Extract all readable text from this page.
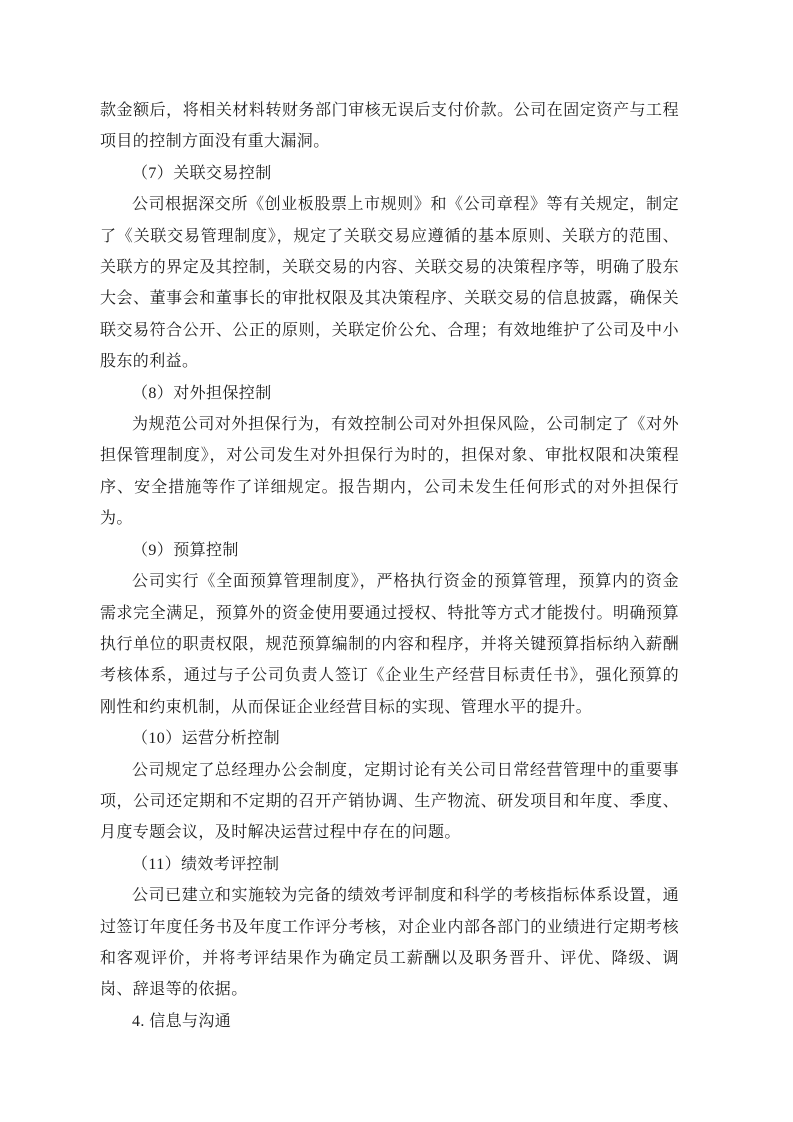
款金额后，将相关材料转财务部门审核无误后支付价款。公司在固定资产与工程项目的控制方面没有重大漏洞。

（7）关联交易控制

公司根据深交所《创业板股票上市规则》和《公司章程》等有关规定，制定了《关联交易管理制度》，规定了关联交易应遵循的基本原则、关联方的范围、关联方的界定及其控制，关联交易的内容、关联交易的决策程序等，明确了股东大会、董事会和董事长的审批权限及其决策程序、关联交易的信息披露，确保关联交易符合公开、公正的原则，关联定价公允、合理；有效地维护了公司及中小股东的利益。

（8）对外担保控制

为规范公司对外担保行为，有效控制公司对外担保风险，公司制定了《对外担保管理制度》，对公司发生对外担保行为时的，担保对象、审批权限和决策程序、安全措施等作了详细规定。报告期内，公司未发生任何形式的对外担保行为。

（9）预算控制

公司实行《全面预算管理制度》，严格执行资金的预算管理，预算内的资金需求完全满足，预算外的资金使用要通过授权、特批等方式才能拨付。明确预算执行单位的职责权限，规范预算编制的内容和程序，并将关键预算指标纳入薪酬考核体系，通过与子公司负责人签订《企业生产经营目标责任书》，强化预算的刚性和约束机制，从而保证企业经营目标的实现、管理水平的提升。

（10）运营分析控制

公司规定了总经理办公会制度，定期讨论有关公司日常经营管理中的重要事项，公司还定期和不定期的召开产销协调、生产物流、研发项目和年度、季度、月度专题会议，及时解决运营过程中存在的问题。

（11）绩效考评控制

公司已建立和实施较为完备的绩效考评制度和科学的考核指标体系设置，通过签订年度任务书及年度工作评分考核，对企业内部各部门的业绩进行定期考核和客观评价，并将考评结果作为确定员工薪酬以及职务晋升、评优、降级、调岗、辞退等的依据。

4. 信息与沟通
